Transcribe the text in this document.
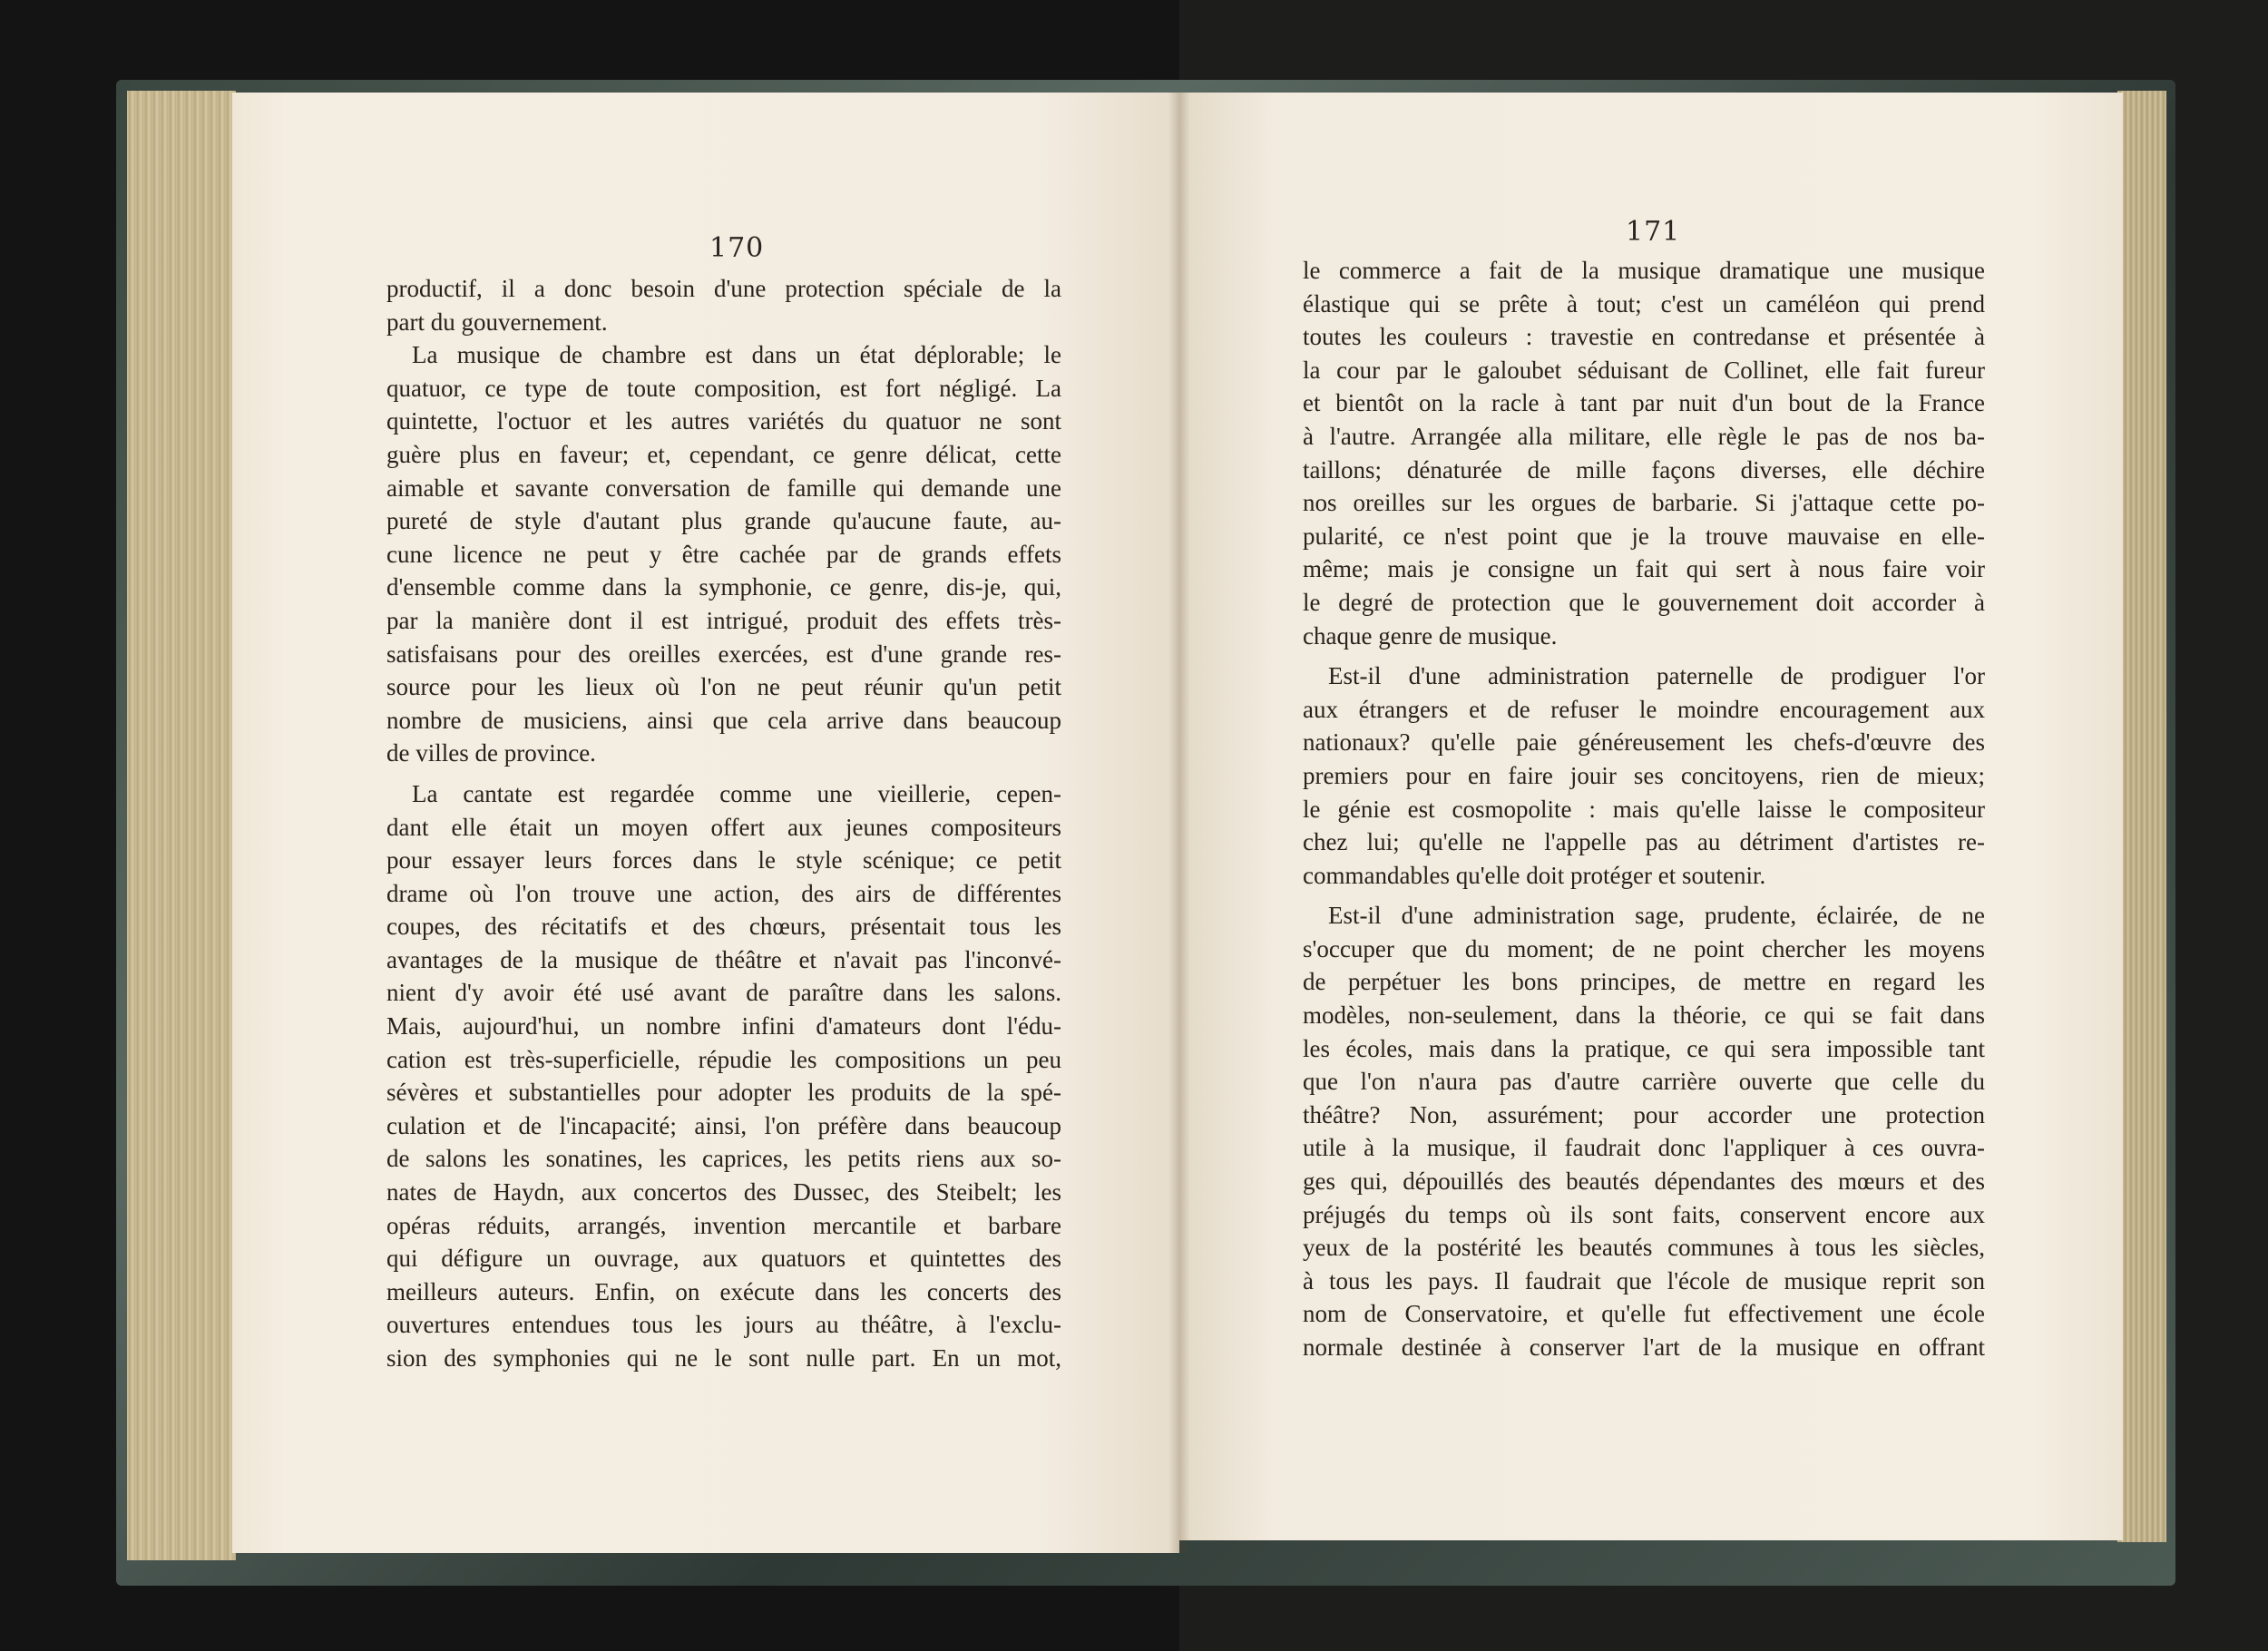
170
171
productif, il a donc besoin d'une protection spéciale de la
part du gouvernement.
La musique de chambre est dans un état déplorable; le
quatuor, ce type de toute composition, est fort négligé. La
quintette, l'octuor et les autres variétés du quatuor ne sont
guère plus en faveur; et, cependant, ce genre délicat, cette
aimable et savante conversation de famille qui demande une
pureté de style d'autant plus grande qu'aucune faute, au-
cune licence ne peut y être cachée par de grands effets
d'ensemble comme dans la symphonie, ce genre, dis-je, qui,
par la manière dont il est intrigué, produit des effets très-
satisfaisans pour des oreilles exercées, est d'une grande res-
source pour les lieux où l'on ne peut réunir qu'un petit
nombre de musiciens, ainsi que cela arrive dans beaucoup
de villes de province.
La cantate est regardée comme une vieillerie, cepen-
dant elle était un moyen offert aux jeunes compositeurs
pour essayer leurs forces dans le style scénique; ce petit
drame où l'on trouve une action, des airs de différentes
coupes, des récitatifs et des chœurs, présentait tous les
avantages de la musique de théâtre et n'avait pas l'inconvé-
nient d'y avoir été usé avant de paraître dans les salons.
Mais, aujourd'hui, un nombre infini d'amateurs dont l'édu-
cation est très-superficielle, répudie les compositions un peu
sévères et substantielles pour adopter les produits de la spé-
culation et de l'incapacité; ainsi, l'on préfère dans beaucoup
de salons les sonatines, les caprices, les petits riens aux so-
nates de Haydn, aux concertos des Dussec, des Steibelt; les
opéras réduits, arrangés, invention mercantile et barbare
qui défigure un ouvrage, aux quatuors et quintettes des
meilleurs auteurs. Enfin, on exécute dans les concerts des
ouvertures entendues tous les jours au théâtre, à l'exclu-
sion des symphonies qui ne le sont nulle part. En un mot,
le commerce a fait de la musique dramatique une musique
élastique qui se prête à tout; c'est un caméléon qui prend
toutes les couleurs : travestie en contredanse et présentée à
la cour par le galoubet séduisant de Collinet, elle fait fureur
et bientôt on la racle à tant par nuit d'un bout de la France
à l'autre. Arrangée alla militare, elle règle le pas de nos ba-
taillons; dénaturée de mille façons diverses, elle déchire
nos oreilles sur les orgues de barbarie. Si j'attaque cette po-
pularité, ce n'est point que je la trouve mauvaise en elle-
même; mais je consigne un fait qui sert à nous faire voir
le degré de protection que le gouvernement doit accorder à
chaque genre de musique.
Est-il d'une administration paternelle de prodiguer l'or
aux étrangers et de refuser le moindre encouragement aux
nationaux? qu'elle paie généreusement les chefs-d'œuvre des
premiers pour en faire jouir ses concitoyens, rien de mieux;
le génie est cosmopolite : mais qu'elle laisse le compositeur
chez lui; qu'elle ne l'appelle pas au détriment d'artistes re-
commandables qu'elle doit protéger et soutenir.
Est-il d'une administration sage, prudente, éclairée, de ne
s'occuper que du moment; de ne point chercher les moyens
de perpétuer les bons principes, de mettre en regard les
modèles, non-seulement, dans la théorie, ce qui se fait dans
les écoles, mais dans la pratique, ce qui sera impossible tant
que l'on n'aura pas d'autre carrière ouverte que celle du
théâtre? Non, assurément; pour accorder une protection
utile à la musique, il faudrait donc l'appliquer à ces ouvra-
ges qui, dépouillés des beautés dépendantes des mœurs et des
préjugés du temps où ils sont faits, conservent encore aux
yeux de la postérité les beautés communes à tous les siècles,
à tous les pays. Il faudrait que l'école de musique reprit son
nom de Conservatoire, et qu'elle fut effectivement une école
normale destinée à conserver l'art de la musique en offrant
